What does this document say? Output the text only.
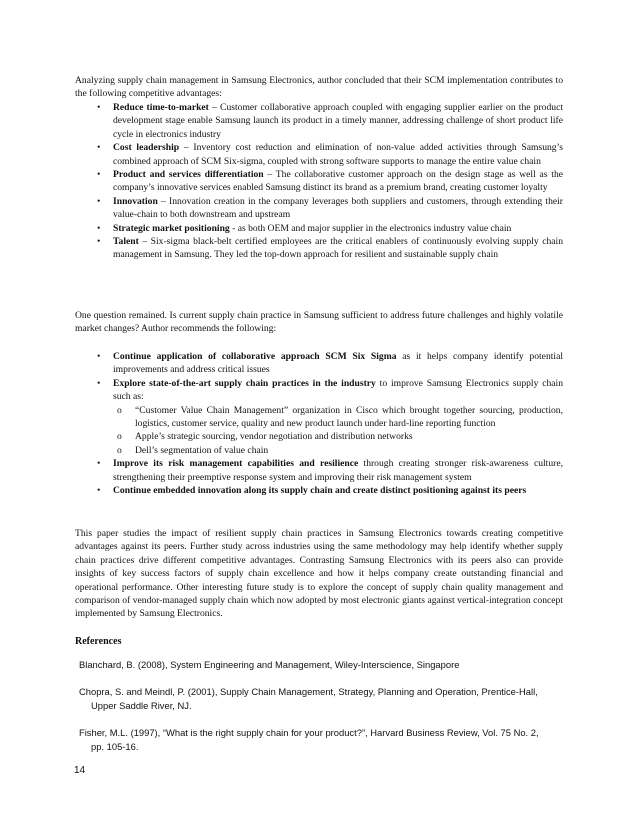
Analyzing supply chain management in Samsung Electronics, author concluded that their SCM implementation contributes to the following competitive advantages:

• Reduce time-to-market – Customer collaborative approach coupled with engaging supplier earlier on the product development stage enable Samsung launch its product in a timely manner, addressing challenge of short product life cycle in electronics industry
• Cost leadership – Inventory cost reduction and elimination of non-value added activities through Samsung’s combined approach of SCM Six-sigma, coupled with strong software supports to manage the entire value chain
• Product and services differentiation – The collaborative customer approach on the design stage as well as the company’s innovative services enabled Samsung distinct its brand as a premium brand, creating customer loyalty
• Innovation – Innovation creation in the company leverages both suppliers and customers, through extending their value-chain to both downstream and upstream
• Strategic market positioning - as both OEM and major supplier in the electronics industry value chain
• Talent – Six-sigma black-belt certified employees are the critical enablers of continuously evolving supply chain management in Samsung. They led the top-down approach for resilient and sustainable supply chain

One question remained. Is current supply chain practice in Samsung sufficient to address future challenges and highly volatile market changes? Author recommends the following:

• Continue application of collaborative approach SCM Six Sigma as it helps company identify potential improvements and address critical issues
• Explore state-of-the-art supply chain practices in the industry to improve Samsung Electronics supply chain such as:
o “Customer Value Chain Management” organization in Cisco which brought together sourcing, production, logistics, customer service, quality and new product launch under hard-line reporting function
o Apple’s strategic sourcing, vendor negotiation and distribution networks
o Dell’s segmentation of value chain
• Improve its risk management capabilities and resilience through creating stronger risk-awareness culture, strengthening their preemptive response system and improving their risk management system
• Continue embedded innovation along its supply chain and create distinct positioning against its peers

This paper studies the impact of resilient supply chain practices in Samsung Electronics towards creating competitive advantages against its peers. Further study across industries using the same methodology may help identify whether supply chain practices drive different competitive advantages. Contrasting Samsung Electronics with its peers also can provide insights of key success factors of supply chain excellence and how it helps company create outstanding financial and operational performance. Other interesting future study is to explore the concept of supply chain quality management and comparison of vendor-managed supply chain which now adopted by most electronic giants against vertical-integration concept implemented by Samsung Electronics.

References
Blanchard, B. (2008), System Engineering and Management, Wiley-Interscience, Singapore
Chopra, S. and Meindl, P. (2001), Supply Chain Management, Strategy, Planning and Operation, Prentice-Hall,
Upper Saddle River, NJ.
Fisher, M.L. (1997), “What is the right supply chain for your product?”, Harvard Business Review, Vol. 75 No. 2,
pp. 105-16.
14
